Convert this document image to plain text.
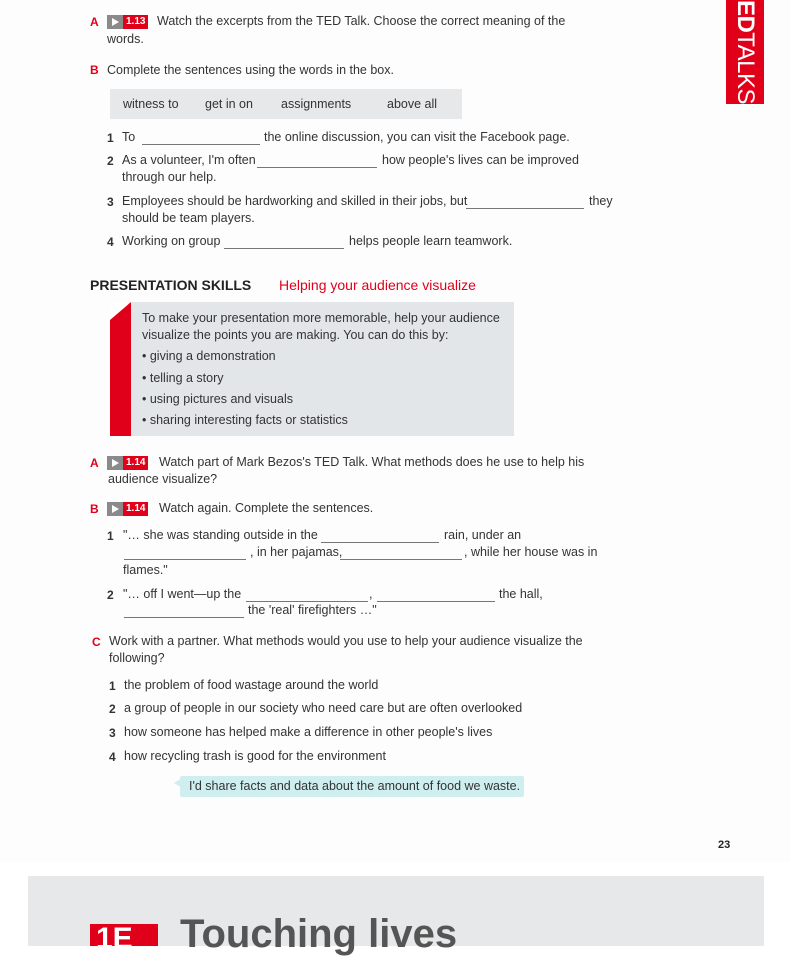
EDTALKS
A	1.13 Watch the excerpts from the TED Talk. Choose the correct meaning of the
words.
B Complete the sentences using the words in the box.
witness to get in on assignments	above all
1 To	the online discussion, you can visit the Facebook page.
2 As a volunteer, I'm often	how people's lives can be improved
through our help.
3 Employees should be hardworking and skilled in their jobs, but	they
should be team players.
4 Working on group	helps people learn teamwork.
PRESENTATION SKILLS Helping your audience visualize
To make your presentation more memorable, help your audience
visualize the points you are making. You can do this by:
• giving a demonstration
• telling a story
• using pictures and visuals
• sharing interesting facts or statistics
A	1.14 Watch part of Mark Bezos's TED Talk. What methods does he use to help his
audience visualize?
B	1.14 Watch again. Complete the sentences.
1 "… she was standing outside in the	rain, under an
, in her pajamas,	, while her house was in
flames."
2 "… off I went—up the	,	the hall,
the 'real' firefighters …"
C Work with a partner. What methods would you use to help your audience visualize the
following?
1 the problem of food wastage around the world
2 a group of people in our society who need care but are often overlooked
3 how someone has helped make a difference in other people's lives
4 how recycling trash is good for the environment
I'd share facts and data about the amount of food we waste.
23
1E Touching lives
